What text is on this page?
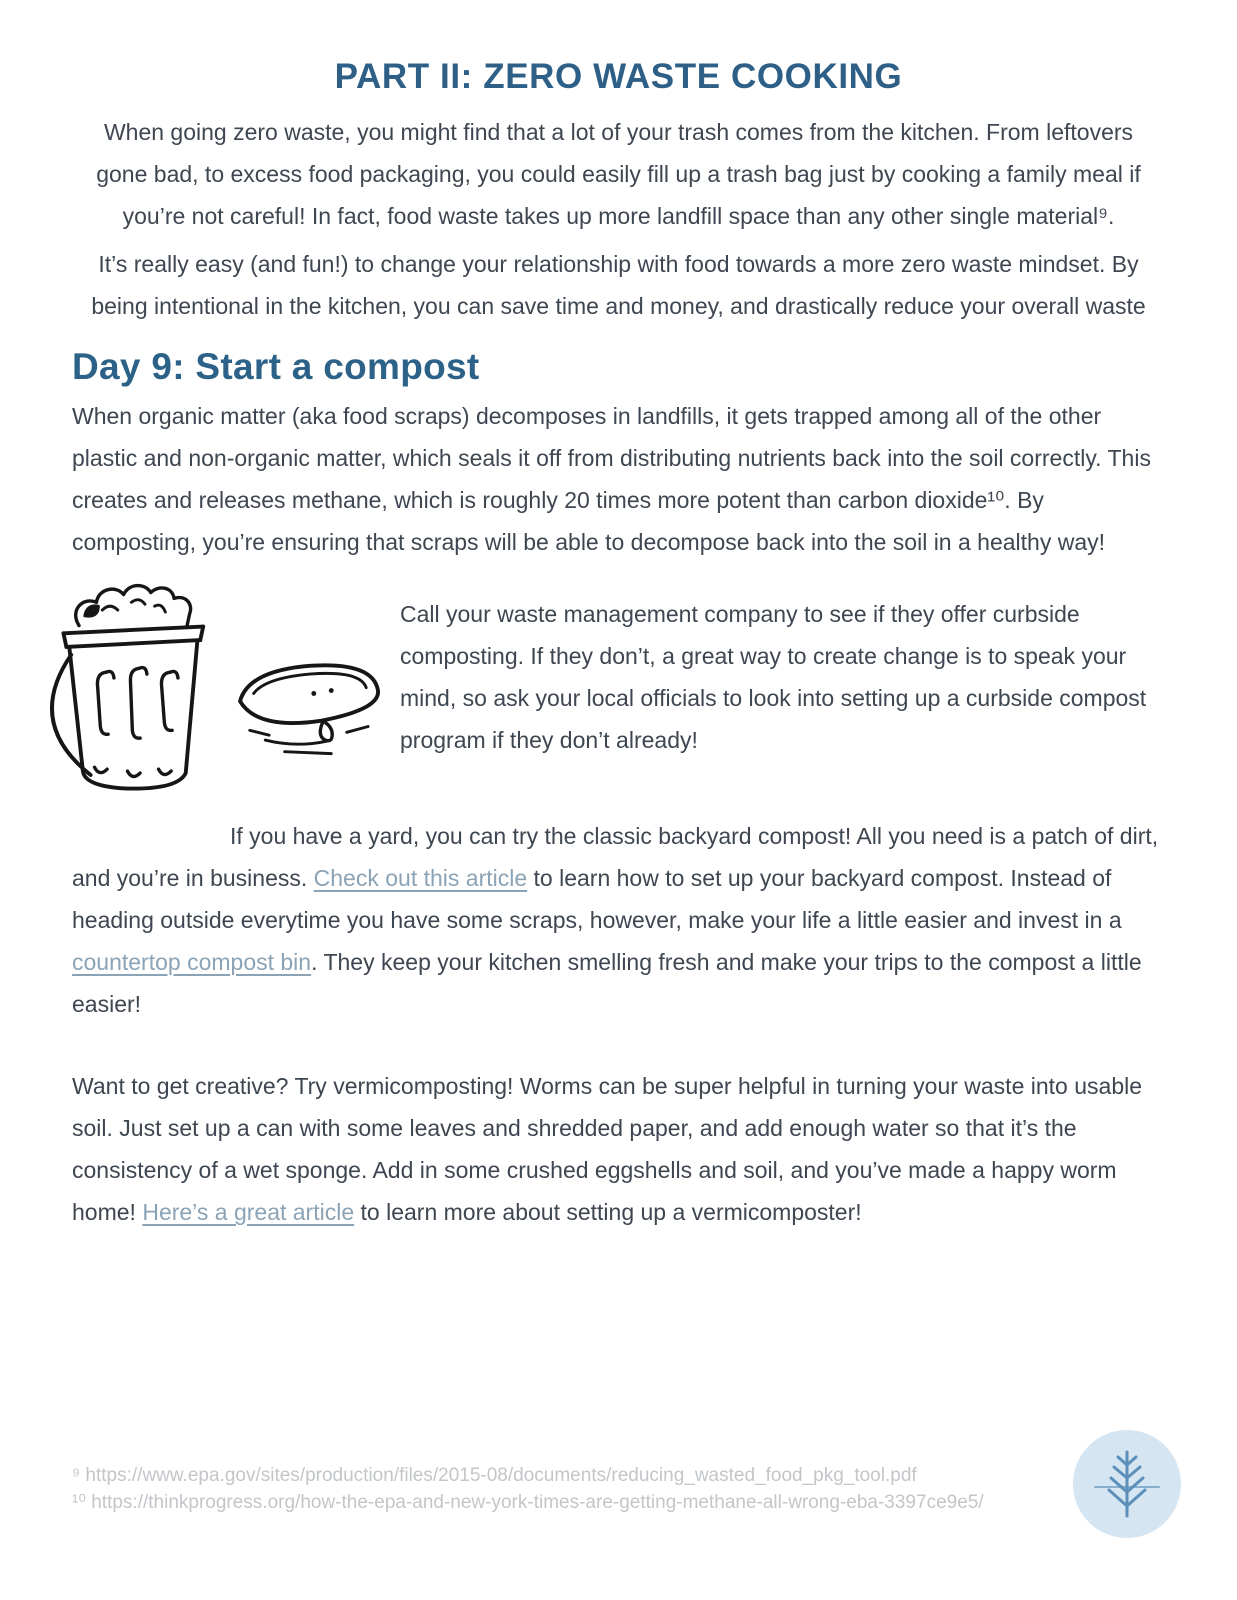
PART II: ZERO WASTE COOKING

When going zero waste, you might find that a lot of your trash comes from the kitchen. From leftovers gone bad, to excess food packaging, you could easily fill up a trash bag just by cooking a family meal if you’re not careful! In fact, food waste takes up more landfill space than any other single material⁹.

It’s really easy (and fun!) to change your relationship with food towards a more zero waste mindset. By being intentional in the kitchen, you can save time and money, and drastically reduce your overall waste

Day 9: Start a compost

When organic matter (aka food scraps) decomposes in landfills, it gets trapped among all of the other plastic and non-organic matter, which seals it off from distributing nutrients back into the soil correctly. This creates and releases methane, which is roughly 20 times more potent than carbon dioxide¹⁰. By composting, you’re ensuring that scraps will be able to decompose back into the soil in a healthy way!

Call your waste management company to see if they offer curbside composting. If they don’t, a great way to create change is to speak your mind, so ask your local officials to look into setting up a curbside compost program if they don’t already!

If you have a yard, you can try the classic backyard compost! All you need is a patch of dirt, and you’re in business. Check out this article to learn how to set up your backyard compost. Instead of heading outside everytime you have some scraps, however, make your life a little easier and invest in a countertop compost bin. They keep your kitchen smelling fresh and make your trips to the compost a little easier!

Want to get creative? Try vermicomposting! Worms can be super helpful in turning your waste into usable soil. Just set up a can with some leaves and shredded paper, and add enough water so that it’s the consistency of a wet sponge. Add in some crushed eggshells and soil, and you’ve made a happy worm home! Here’s a great article to learn more about setting up a vermicomposter!

⁹ https://www.epa.gov/sites/production/files/2015-08/documents/reducing_wasted_food_pkg_tool.pdf

¹⁰ https://thinkprogress.org/how-the-epa-and-new-york-times-are-getting-methane-all-wrong-eba-3397ce9e5/
